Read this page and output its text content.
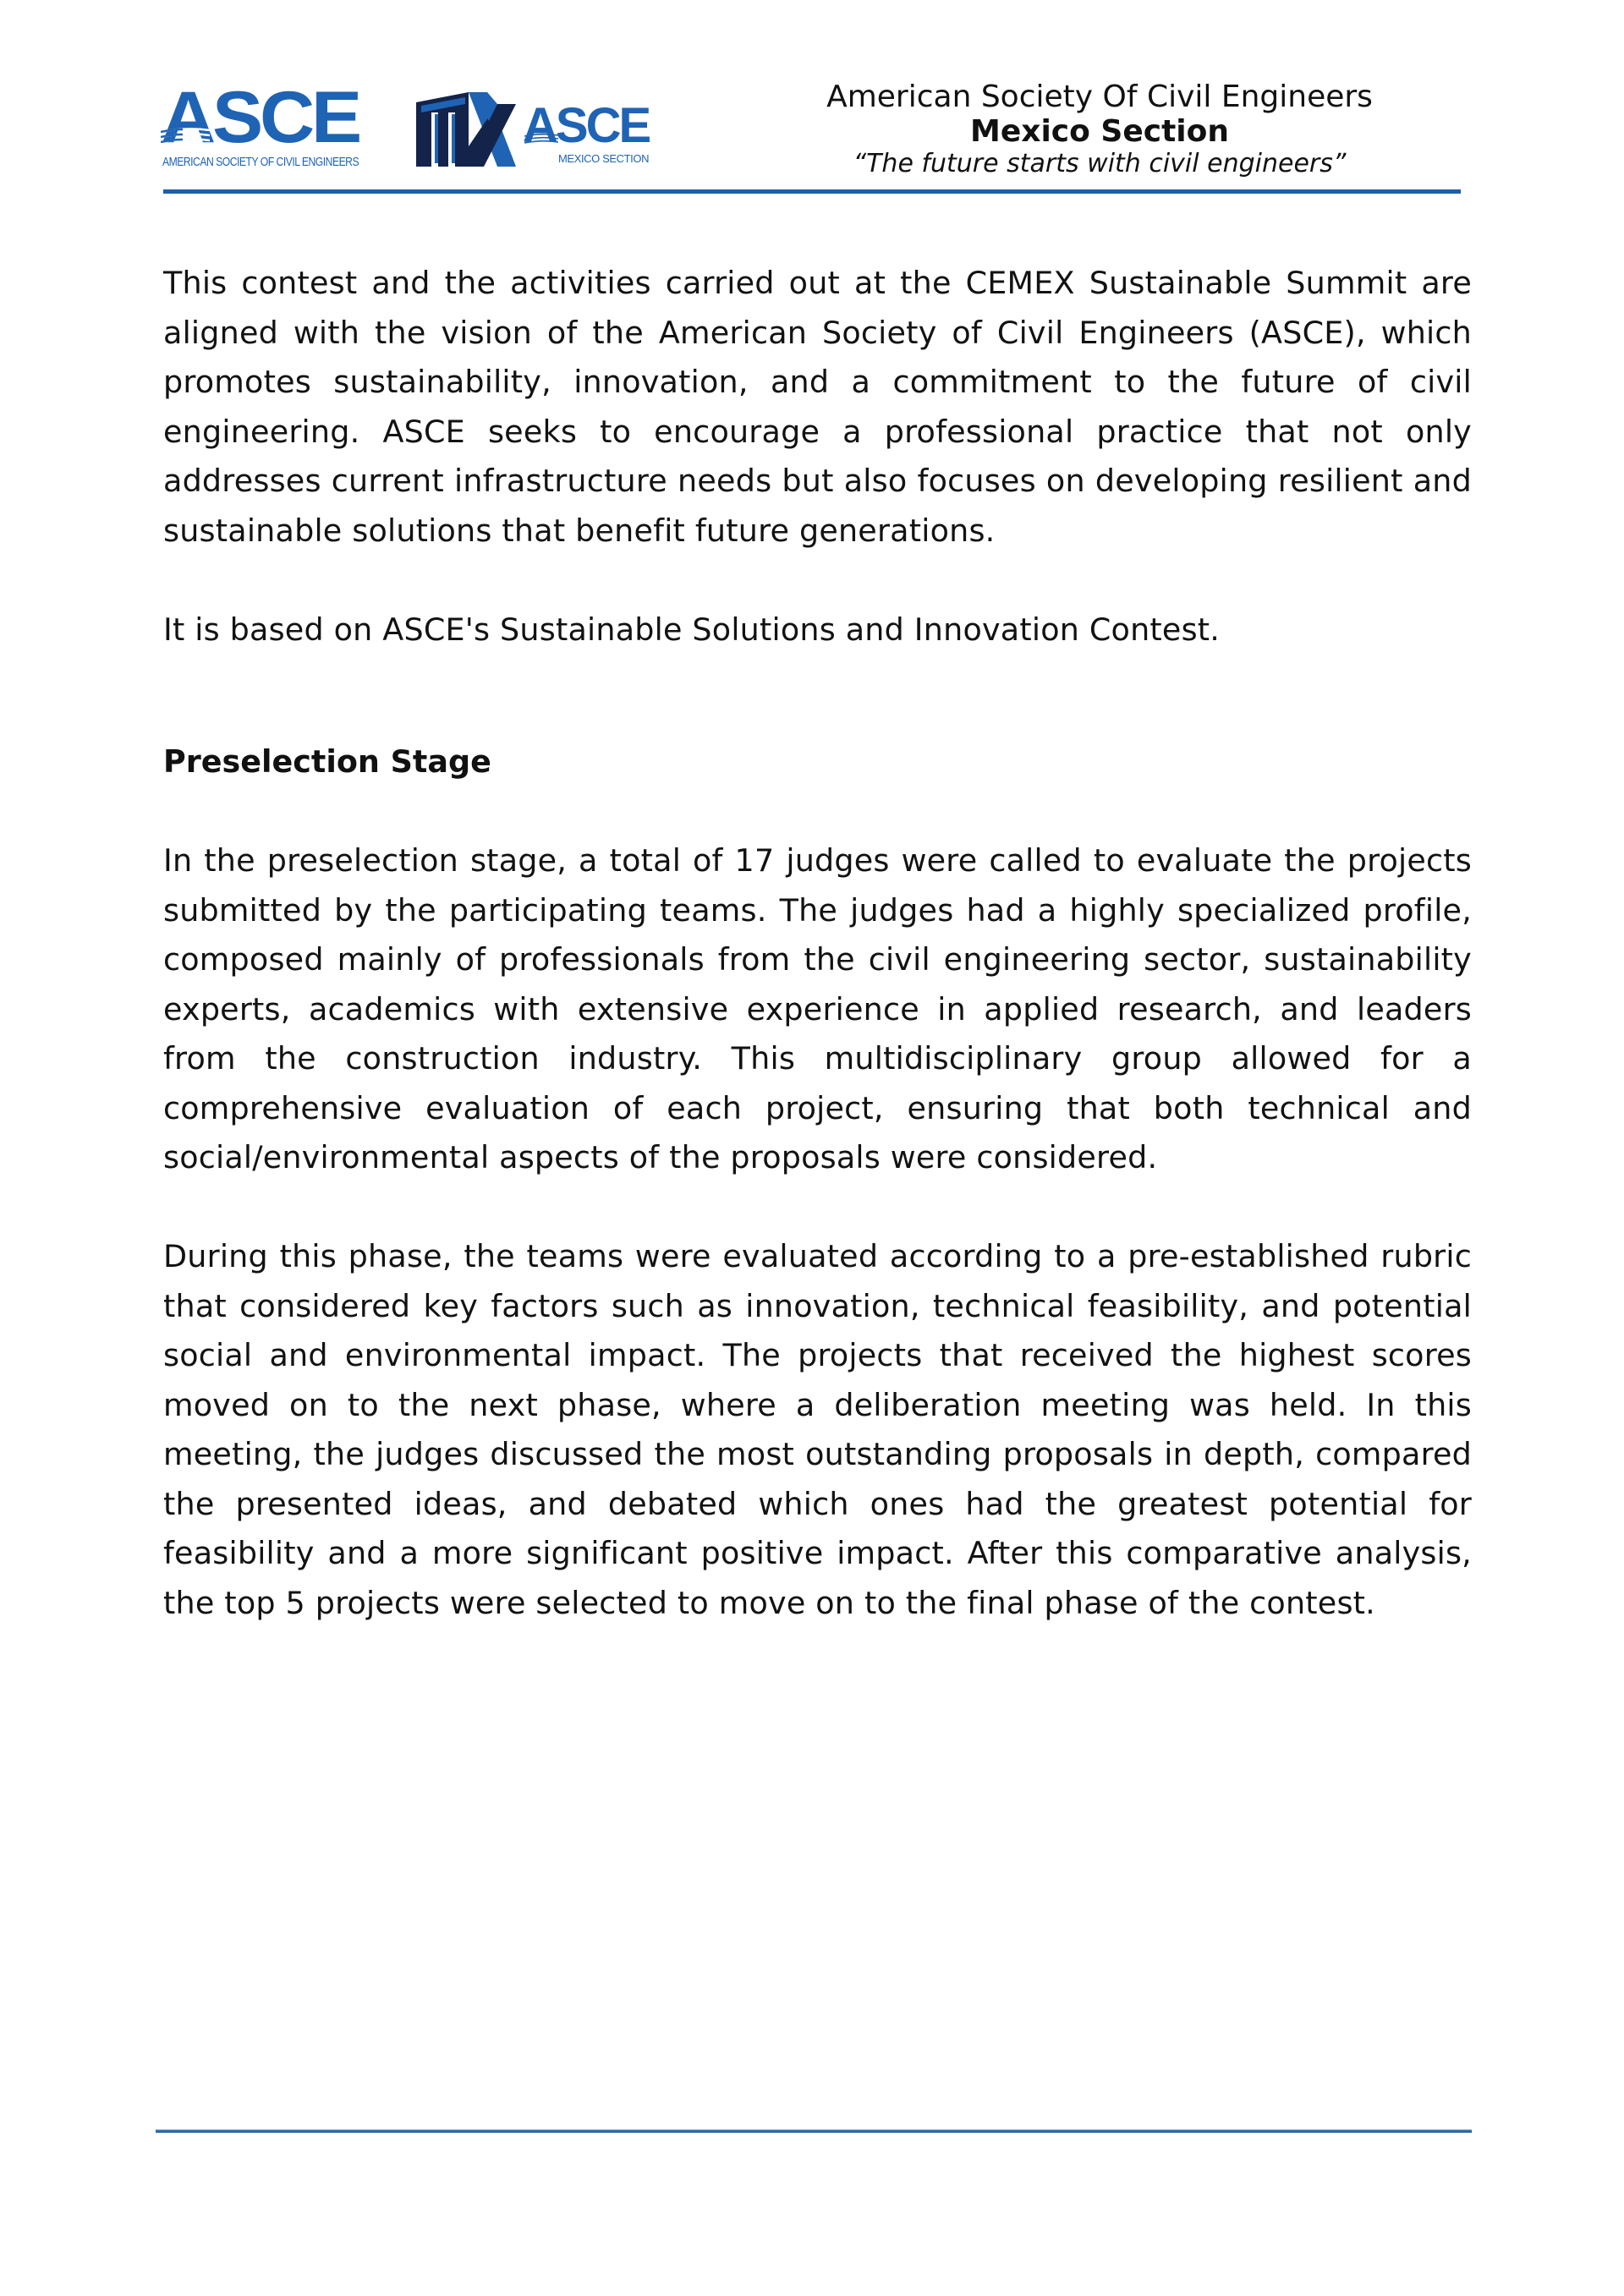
ASCE
AMERICAN SOCIETY OF CIVIL ENGINEERS
ASCE
MEXICO SECTION
American Society Of Civil Engineers
Mexico Section
“The future starts with civil engineers”

This contest and the activities carried out at the CEMEX Sustainable Summit are aligned with the vision of the American Society of Civil Engineers (ASCE), which promotes sustainability, innovation, and a commitment to the future of civil engineering. ASCE seeks to encourage a professional practice that not only addresses current infrastructure needs but also focuses on developing resilient and sustainable solutions that benefit future generations.

It is based on ASCE's Sustainable Solutions and Innovation Contest.

Preselection Stage

In the preselection stage, a total of 17 judges were called to evaluate the projects submitted by the participating teams. The judges had a highly specialized profile, composed mainly of professionals from the civil engineering sector, sustainability experts, academics with extensive experience in applied research, and leaders from the construction industry. This multidisciplinary group allowed for a comprehensive evaluation of each project, ensuring that both technical and social/environmental aspects of the proposals were considered.

During this phase, the teams were evaluated according to a pre-established rubric that considered key factors such as innovation, technical feasibility, and potential social and environmental impact. The projects that received the highest scores moved on to the next phase, where a deliberation meeting was held. In this meeting, the judges discussed the most outstanding proposals in depth, compared the presented ideas, and debated which ones had the greatest potential for feasibility and a more significant positive impact. After this comparative analysis, the top 5 projects were selected to move on to the final phase of the contest.
